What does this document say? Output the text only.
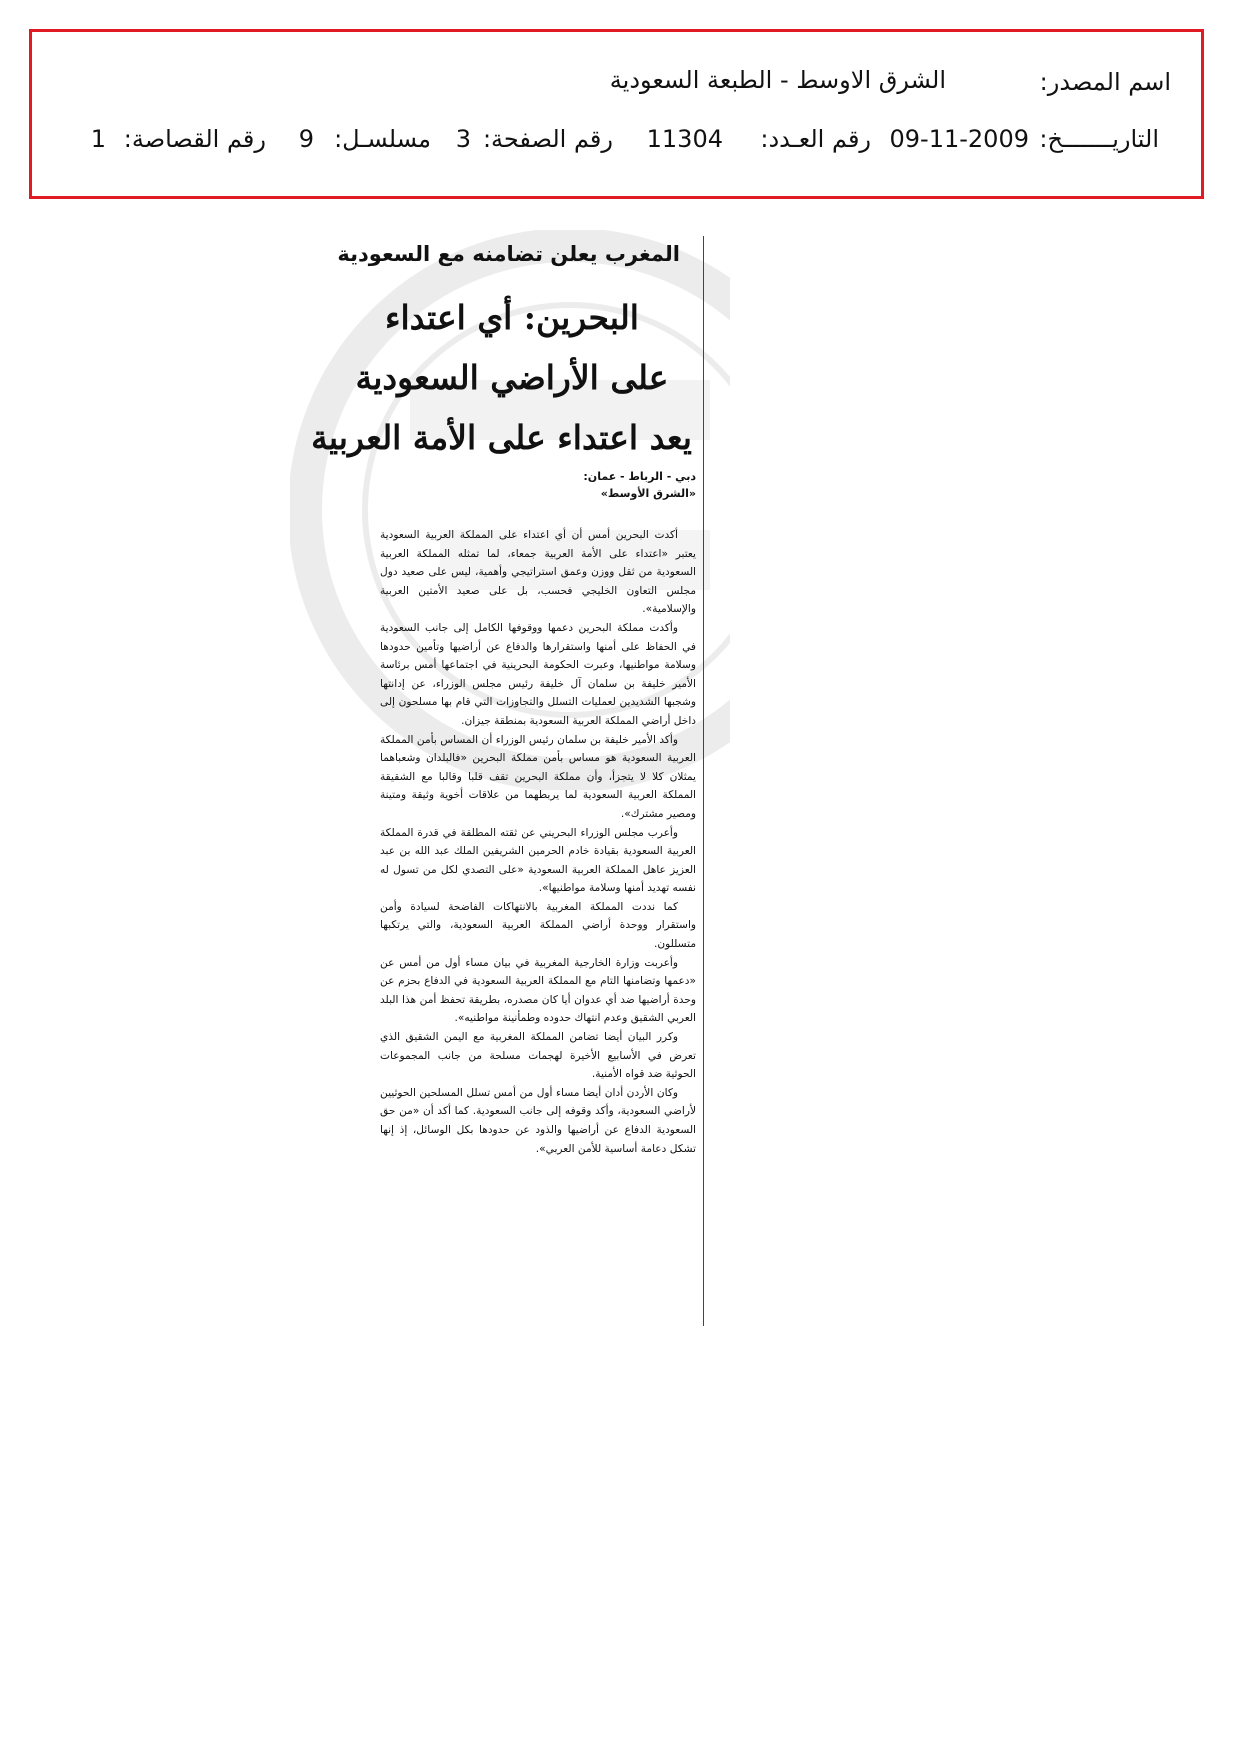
اسم المصدر:
الشرق الاوسط - الطبعة السعودية
التاريـــــــخ:
09-11-2009
رقم العـدد:
11304
رقم الصفحة:
3
مسلسـل:
9
رقم القصاصة:
1
المغرب يعلن تضامنه مع السعودية
البحرين: أي اعتداء
على الأراضي السعودية
يعد اعتداء على الأمة العربية
دبي - الرباط - عمان:
«الشرق الأوسط»

أكدت البحرين أمس أن أي اعتداء على المملكة العربية السعودية يعتبر «اعتداء على الأمة العربية جمعاء، لما تمثله المملكة العربية السعودية من ثقل ووزن وعمق استراتيجي وأهمية، ليس على صعيد دول مجلس التعاون الخليجي فحسب، بل على صعيد الأمتين العربية والإسلامية».

وأكدت مملكة البحرين دعمها ووقوفها الكامل إلى جانب السعودية في الحفاظ على أمنها واستقرارها والدفاع عن أراضيها وتأمين حدودها وسلامة مواطنيها، وعبرت الحكومة البحرينية في اجتماعها أمس برئاسة الأمير خليفة بن سلمان آل خليفة رئيس مجلس الوزراء، عن إدانتها وشجبها الشديدين لعمليات التسلل والتجاوزات التي قام بها مسلحون إلى داخل أراضي المملكة العربية السعودية بمنطقة جيزان.

وأكد الأمير خليفة بن سلمان رئيس الوزراء أن المساس بأمن المملكة العربية السعودية هو مساس بأمن مملكة البحرين «فالبلدان وشعباهما يمثلان كلا لا يتجزأ، وأن مملكة البحرين تقف قلبا وقالبا مع الشقيقة المملكة العربية السعودية لما يربطهما من علاقات أخوية وثيقة ومتينة ومصير مشترك».

وأعرب مجلس الوزراء البحريني عن ثقته المطلقة في قدرة المملكة العربية السعودية بقيادة خادم الحرمين الشريفين الملك عبد الله بن عبد العزيز عاهل المملكة العربية السعودية «على التصدي لكل من تسول له نفسه تهديد أمنها وسلامة مواطنيها».

كما نددت المملكة المغربية بالانتهاكات الفاضحة لسيادة وأمن واستقرار ووحدة أراضي المملكة العربية السعودية، والتي يرتكبها متسللون.

وأعربت وزارة الخارجية المغربية في بيان مساء أول من أمس عن «دعمها وتضامنها التام مع المملكة العربية السعودية في الدفاع بحزم عن وحدة أراضيها ضد أي عدوان أيا كان مصدره، بطريقة تحفظ أمن هذا البلد العربي الشقيق وعدم انتهاك حدوده وطمأنينة مواطنيه».

وكرر البيان أيضا تضامن المملكة المغربية مع اليمن الشقيق الذي تعرض في الأسابيع الأخيرة لهجمات مسلحة من جانب المجموعات الحوثية ضد قواه الأمنية.

وكان الأردن أدان أيضا مساء أول من أمس تسلل المسلحين الحوثيين لأراضي السعودية، وأكد وقوفه إلى جانب السعودية. كما أكد أن «من حق السعودية الدفاع عن أراضيها والذود عن حدودها بكل الوسائل، إذ إنها تشكل دعامة أساسية للأمن العربي».
